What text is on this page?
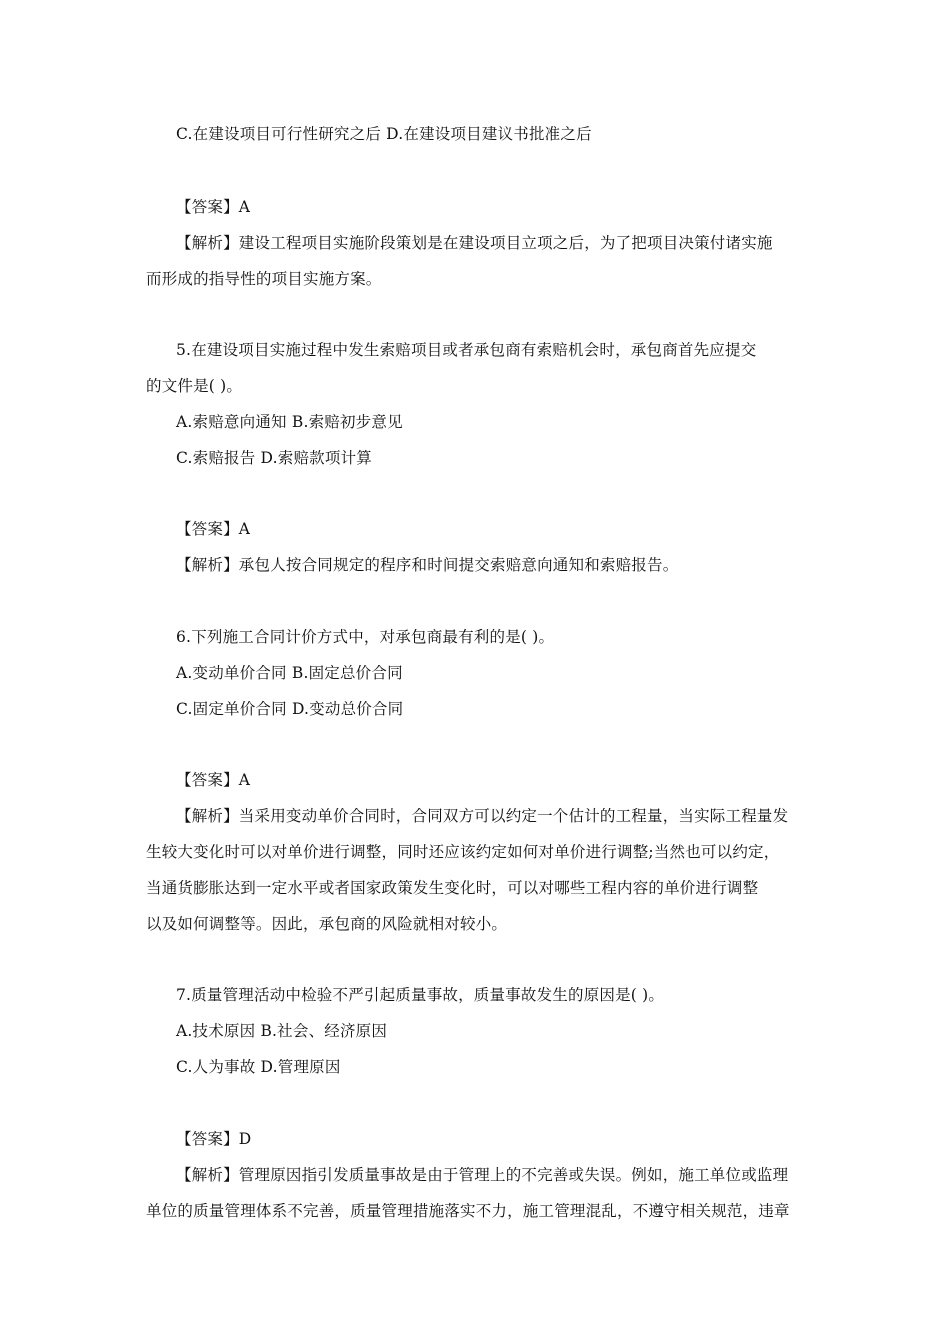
C.在建设项目可行性研究之后 D.在建设项目建议书批准之后
【答案】A
【解析】建设工程项目实施阶段策划是在建设项目立项之后，为了把项目决策付诸实施
而形成的指导性的项目实施方案。
5.在建设项目实施过程中发生索赔项目或者承包商有索赔机会时，承包商首先应提交
的文件是( )。
A.索赔意向通知 B.索赔初步意见
C.索赔报告 D.索赔款项计算
【答案】A
【解析】承包人按合同规定的程序和时间提交索赔意向通知和索赔报告。
6.下列施工合同计价方式中，对承包商最有利的是( )。
A.变动单价合同 B.固定总价合同
C.固定单价合同 D.变动总价合同
【答案】A
【解析】当采用变动单价合同时，合同双方可以约定一个估计的工程量，当实际工程量发
生较大变化时可以对单价进行调整，同时还应该约定如何对单价进行调整;当然也可以约定，
当通货膨胀达到一定水平或者国家政策发生变化时，可以对哪些工程内容的单价进行调整
以及如何调整等。因此，承包商的风险就相对较小。
7.质量管理活动中检验不严引起质量事故，质量事故发生的原因是( )。
A.技术原因 B.社会、经济原因
C.人为事故 D.管理原因
【答案】D
【解析】管理原因指引发质量事故是由于管理上的不完善或失误。例如，施工单位或监理
单位的质量管理体系不完善，质量管理措施落实不力，施工管理混乱，不遵守相关规范，违章
